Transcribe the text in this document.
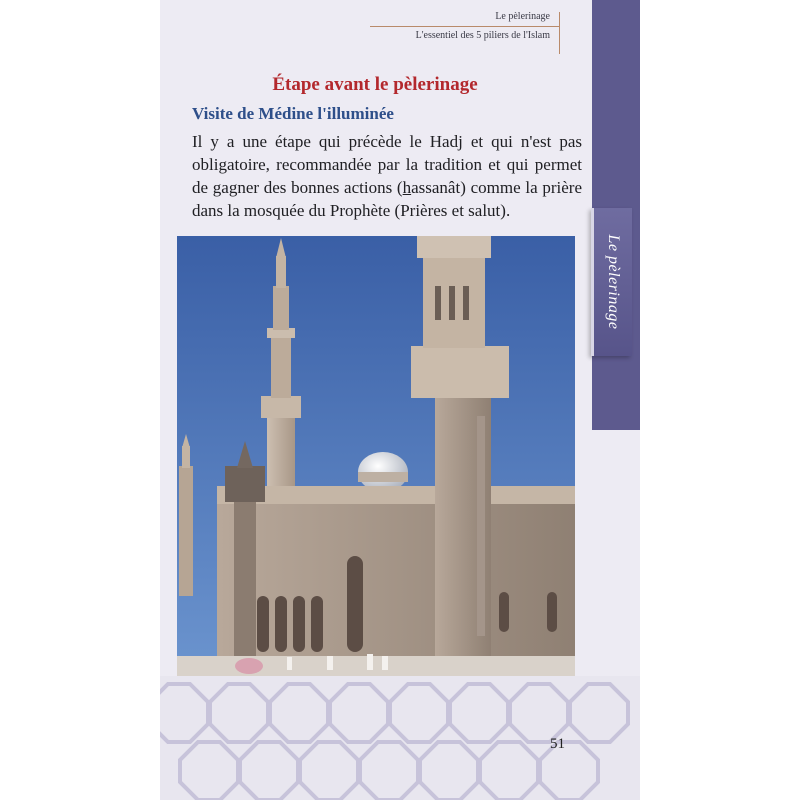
Le pèlerinage
L'essentiel des 5 piliers de l'Islam
Le pèlerinage
Étape avant le pèlerinage
Visite de Médine l'illuminée
Il y a une étape qui précède le Hadj et qui n'est pas obligatoire, recommandée par la tradition et qui permet de gagner des bonnes actions (hassanât) comme la prière dans la mosquée du Prophète (Prières et salut).
51
